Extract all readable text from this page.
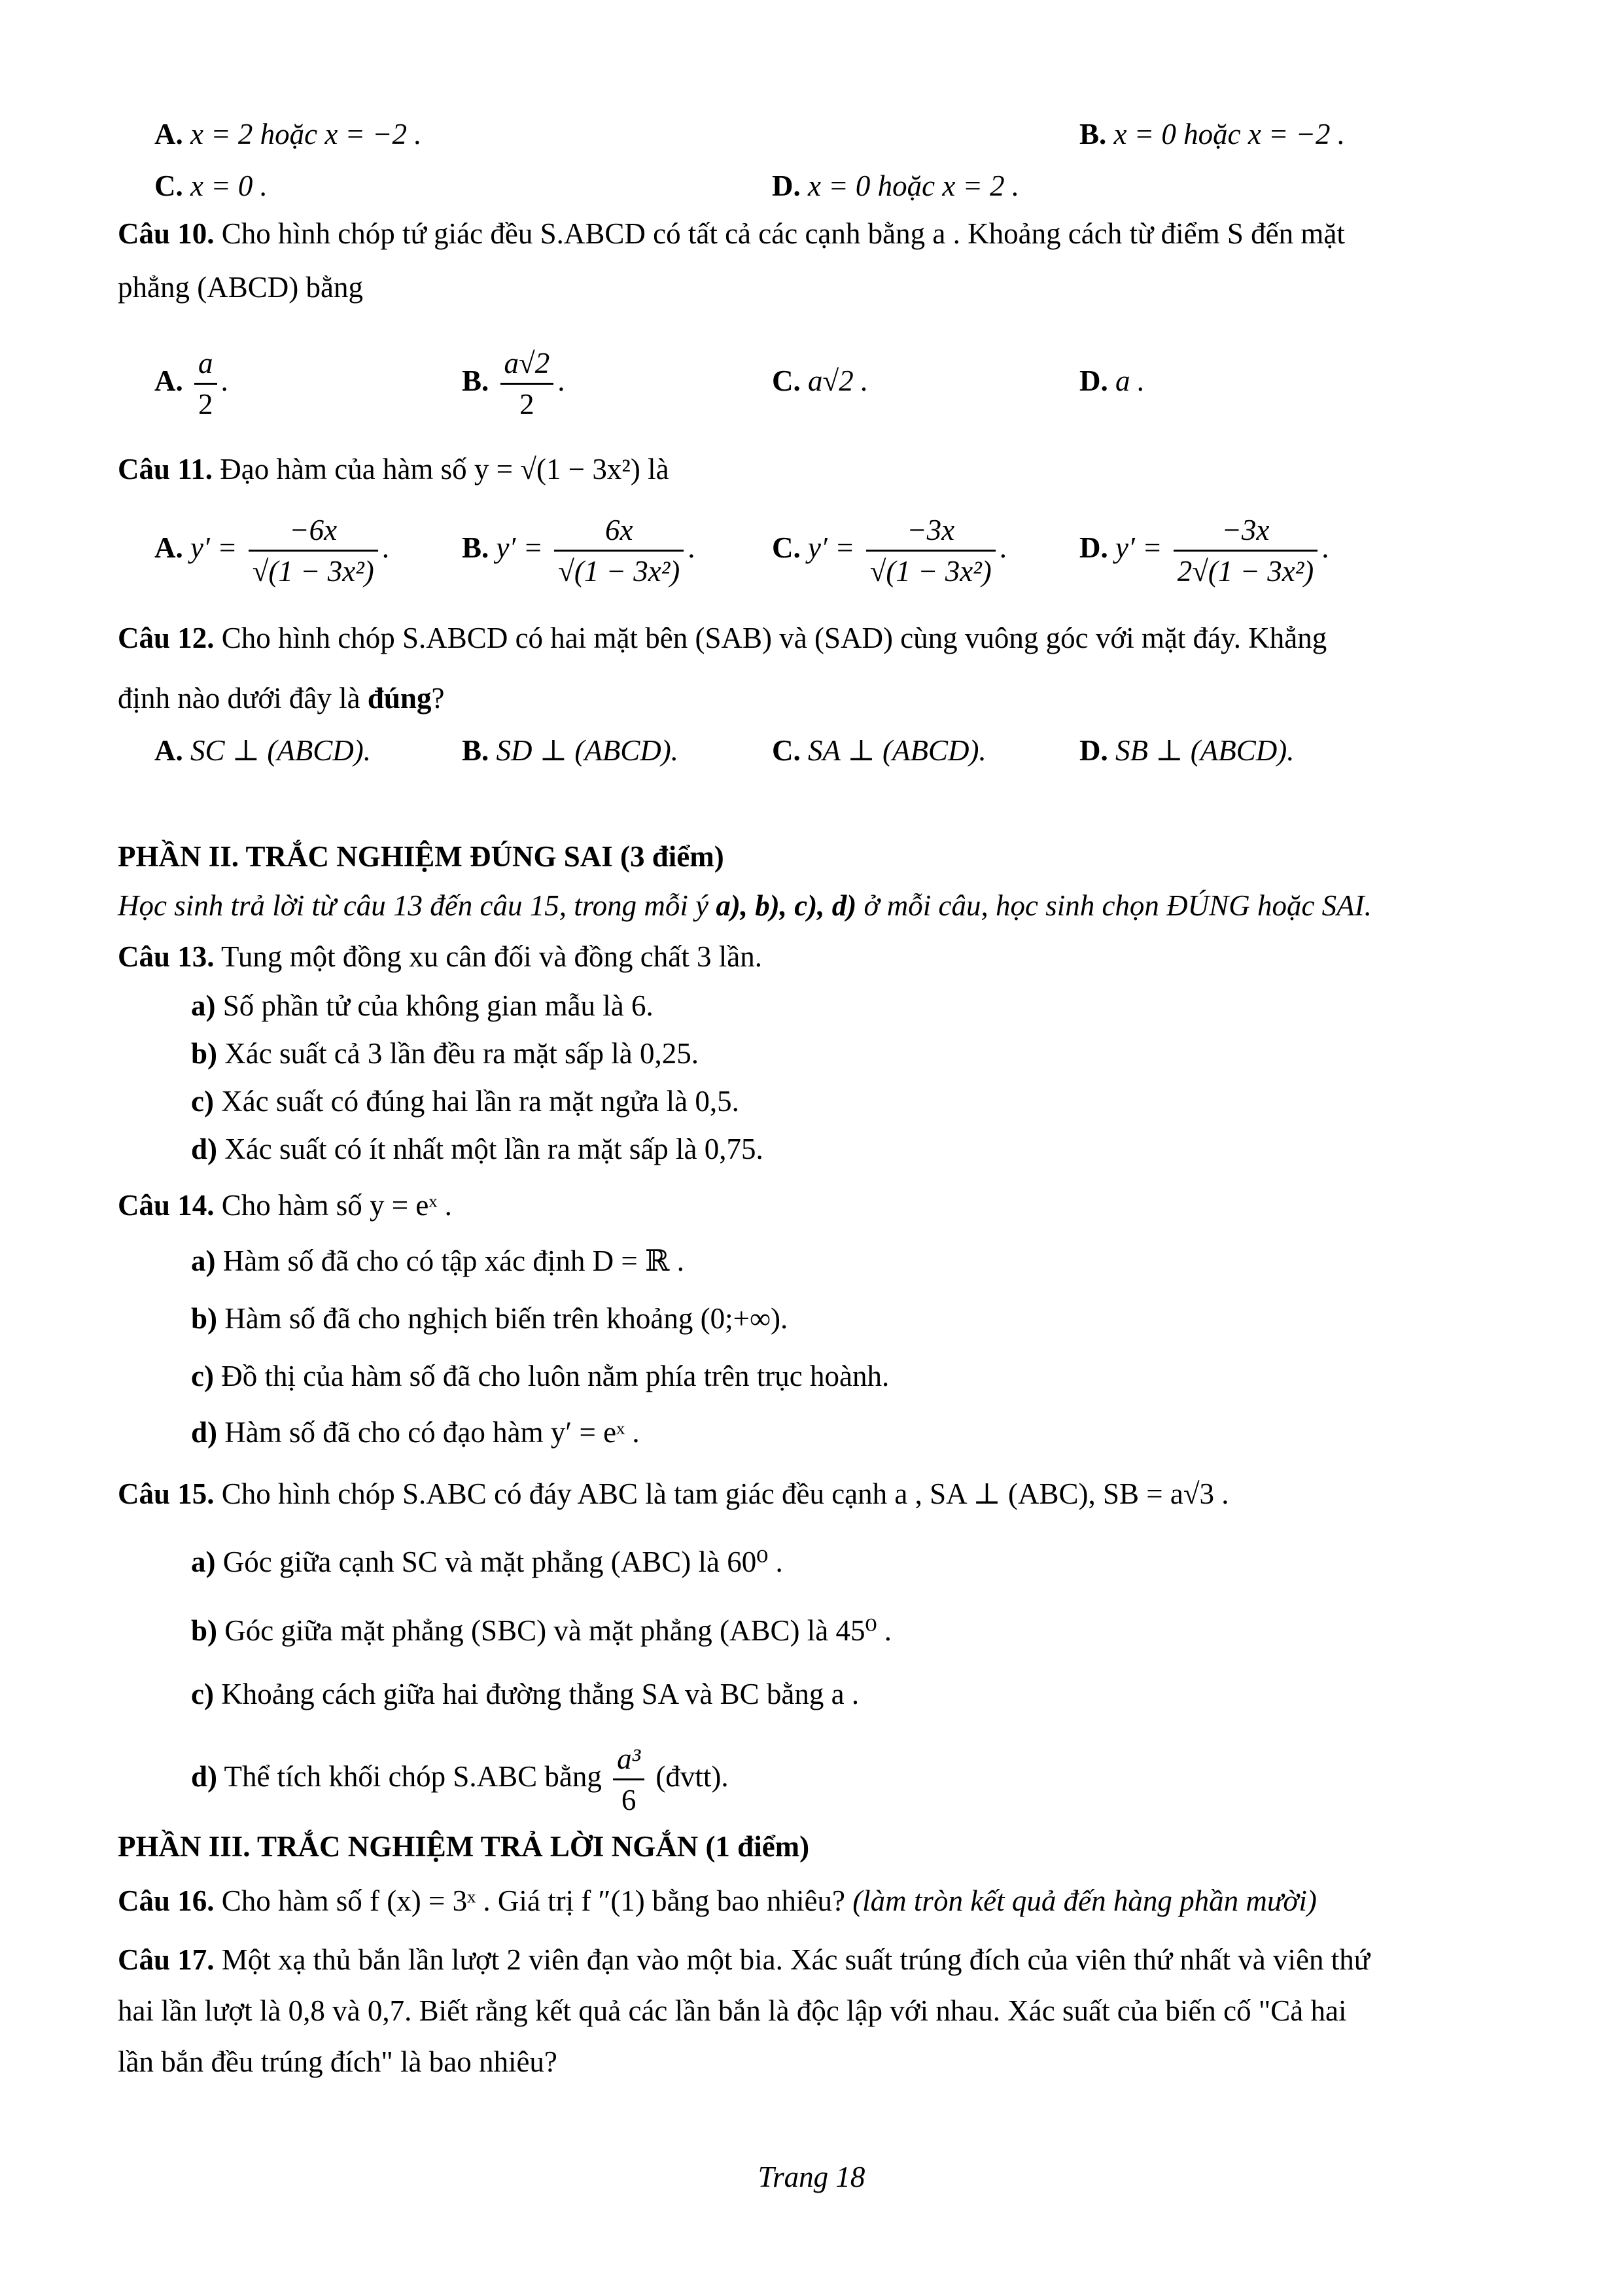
A. x = 2 hoặc x = −2 .	B. x = 0 hoặc x = −2 .
C. x = 0 .	D. x = 0 hoặc x = 2 .
Câu 10. Cho hình chóp tứ giác đều S.ABCD có tất cả các cạnh bằng a . Khoảng cách từ điểm S đến mặt
phẳng (ABCD) bằng
A. $\frac{a}{2}$ .	B. $\frac{a√2}{2}$ .	C. a√2 .	D. a .
Câu 11. Đạo hàm của hàm số y = √(1 − 3x²) là
A. $y' = \frac{-6x}{\text{√(1 − 3x²)}}$ . B. $y' = \frac{6x}{\text{√(1 − 3x²)}}$ .	C. $y' = \frac{-3x}{\text{√(1 − 3x²)}}$ . D. $y' = \frac{-3x}{\text{2√(1 − 3x²)}}$ .
Câu 12. Cho hình chóp S.ABCD có hai mặt bên (SAB) và (SAD) cùng vuông góc với mặt đáy. Khẳng
định nào dưới đây là đúng?
A. SC ⊥ (ABCD).	B. SD ⊥ (ABCD).	C. SA ⊥ (ABCD).	D. SB ⊥ (ABCD).
PHẦN II. TRẮC NGHIỆM ĐÚNG SAI (3 điểm)
Học sinh trả lời từ câu 13 đến câu 15, trong mỗi ý a), b), c), d) ở mỗi câu, học sinh chọn ĐÚNG hoặc SAI.
Câu 13. Tung một đồng xu cân đối và đồng chất 3 lần.
a) Số phần tử của không gian mẫu là 6.
b) Xác suất cả 3 lần đều ra mặt sấp là 0,25.
c) Xác suất có đúng hai lần ra mặt ngửa là 0,5.
d) Xác suất có ít nhất một lần ra mặt sấp là 0,75.
Câu 14. Cho hàm số y = eˣ .
a) Hàm số đã cho có tập xác định D = ℝ .
b) Hàm số đã cho nghịch biến trên khoảng (0;+∞).
c) Đồ thị của hàm số đã cho luôn nằm phía trên trục hoành.
d) Hàm số đã cho có đạo hàm y′ = eˣ .
Câu 15. Cho hình chóp S.ABC có đáy ABC là tam giác đều cạnh a , SA ⊥ (ABC), SB = a√3 .
a) Góc giữa cạnh SC và mặt phẳng (ABC) là 60⁰ .
b) Góc giữa mặt phẳng (SBC) và mặt phẳng (ABC) là 45⁰ .
c) Khoảng cách giữa hai đường thẳng SA và BC bằng a .
d) Thể tích khối chóp S.ABC bằng $\frac{\text{a³}}{6}$ (đvtt).
PHẦN III. TRẮC NGHIỆM TRẢ LỜI NGẮN (1 điểm)
Câu 16. Cho hàm số f (x) = 3ˣ . Giá trị f ″(1) bằng bao nhiêu? (làm tròn kết quả đến hàng phần mười)
Câu 17. Một xạ thủ bắn lần lượt 2 viên đạn vào một bia. Xác suất trúng đích của viên thứ nhất và viên thứ
hai lần lượt là 0,8 và 0,7. Biết rằng kết quả các lần bắn là độc lập với nhau. Xác suất của biến cố "Cả hai
lần bắn đều trúng đích" là bao nhiêu?
Trang 18
